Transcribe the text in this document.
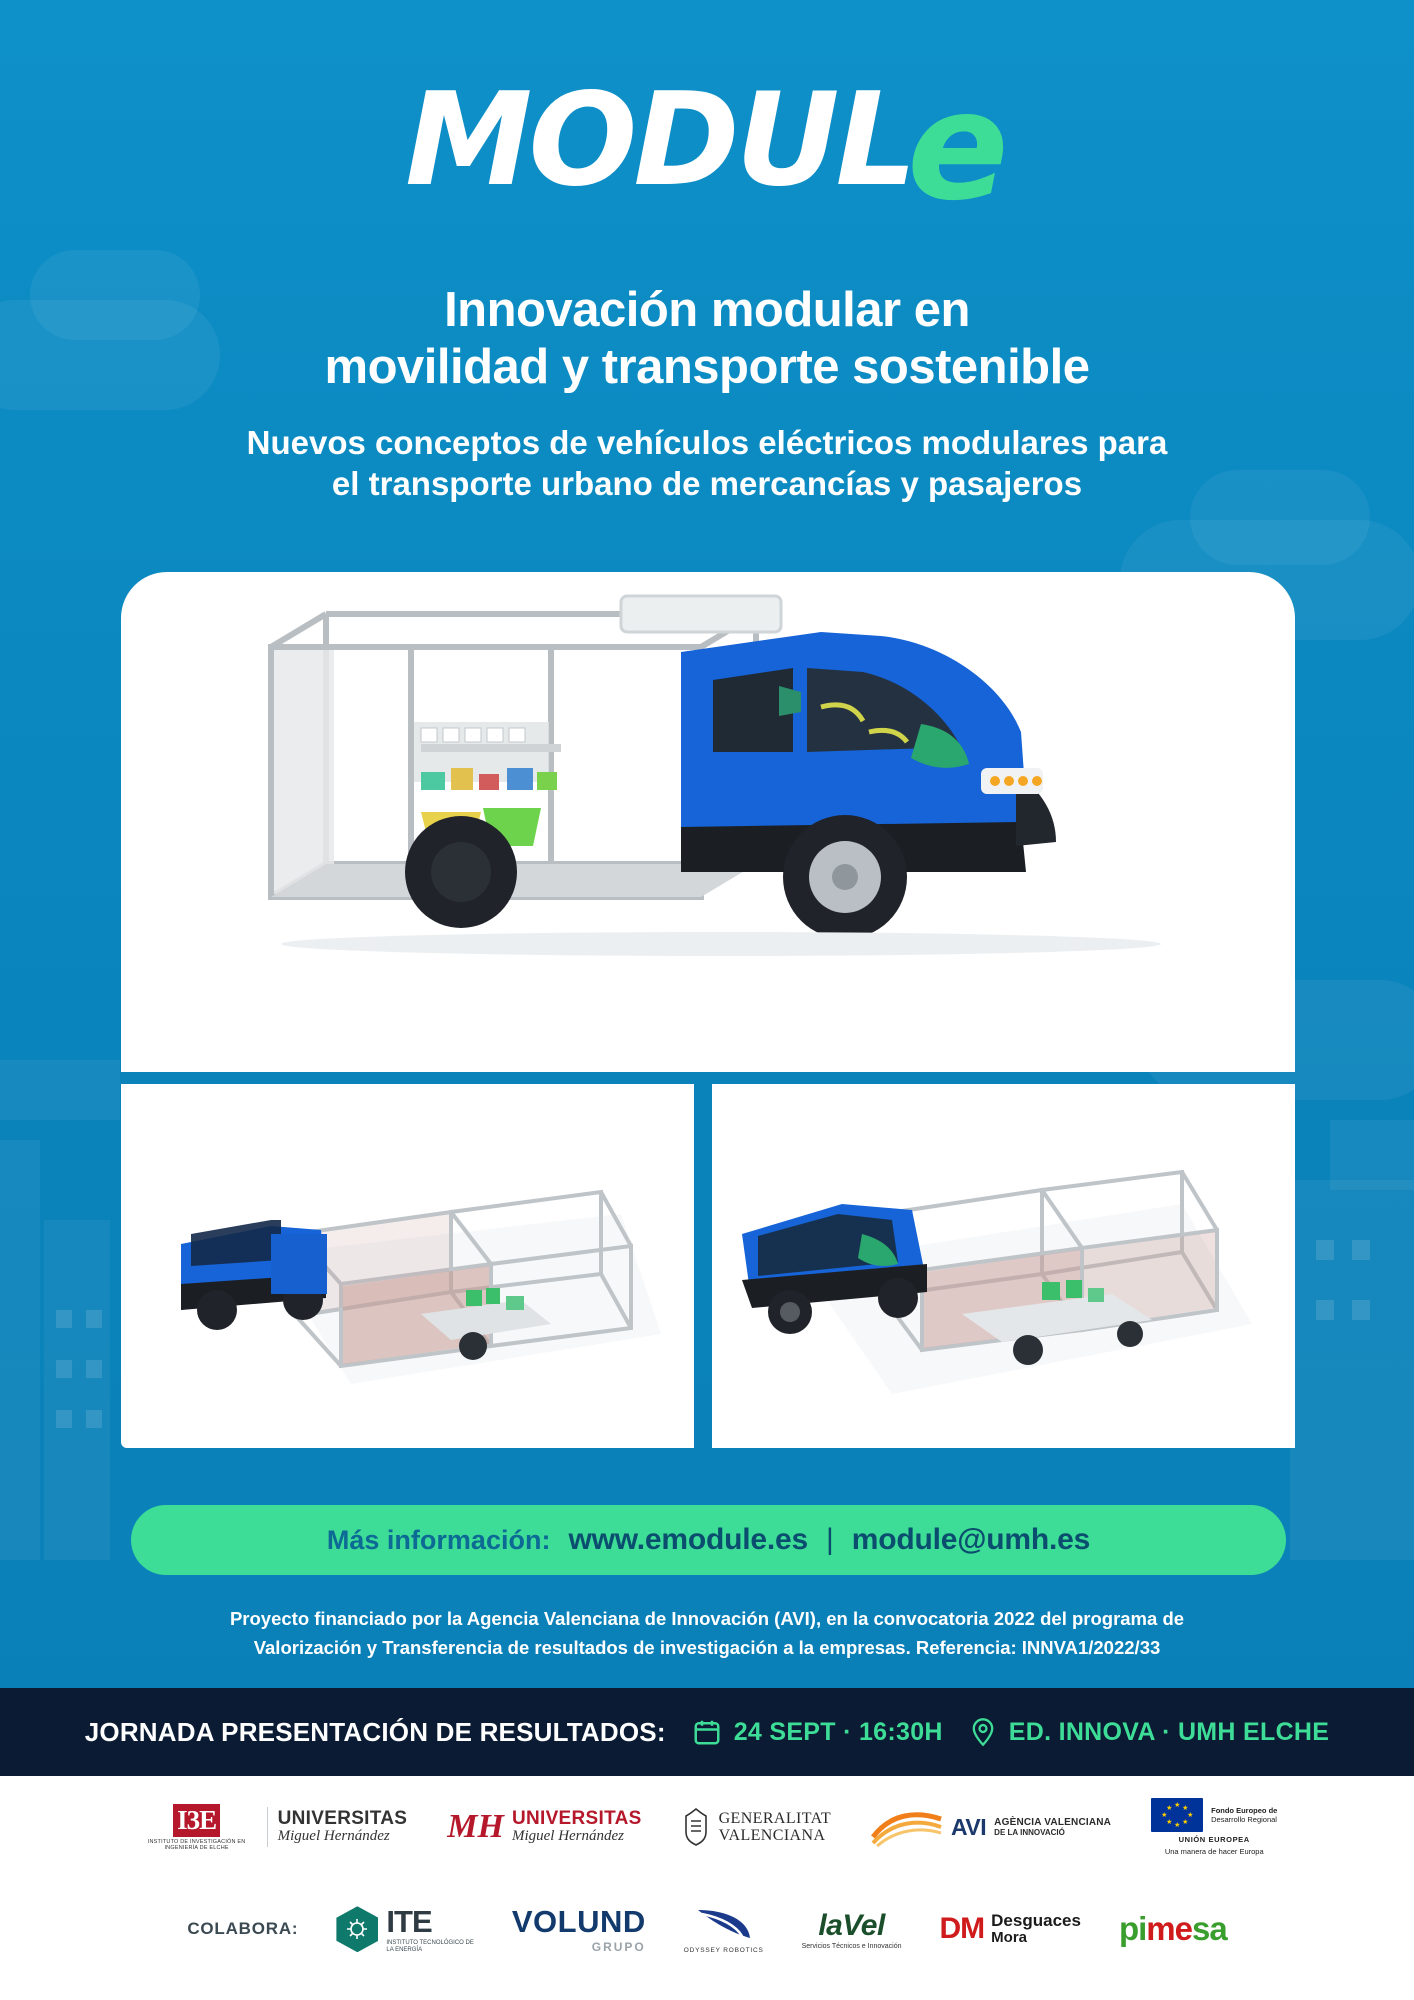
MODULe
Innovación modular en
movilidad y transporte sostenible
Nuevos conceptos de vehículos eléctricos modulares para
el transporte urbano de mercancías y pasajeros
Más información: www.emodule.es | module@umh.es
Proyecto financiado por la Agencia Valenciana de Innovación (AVI), en la convocatoria 2022 del programa de
Valorización y Transferencia de resultados de investigación a la empresas. Referencia: INNVA1/2022/33
JORNADA PRESENTACIÓN DE RESULTADOS:	24 SEPT · 16:30H	ED. INNOVA · UMH ELCHE
I3E
INSTITUTO DE INVESTIGACIÓN EN INGENIERÍA DE ELCHE
UNIVERSITAS
Miguel Hernández	MH UNIVERSITAS
Miguel Hernández
GENERALITAT
VALENCIANA	AVI AGÈNCIA VALENCIANA
DE LA INNOVACIÓ
★ ★
★
★
★
★
★
★	Fondo Europeo de
Desarrollo Regional
UNIÓN EUROPEA
Una manera de hacer Europa
COLABORA:	ITE
INSTITUTO TECNOLÓGICO DE
LA ENERGÍA
VOLUND
GRUPO	ODYSSEY ROBOTICS
laVel
Servicios Técnicos e Innovación
DM Desguaces
Mora	pimesa
